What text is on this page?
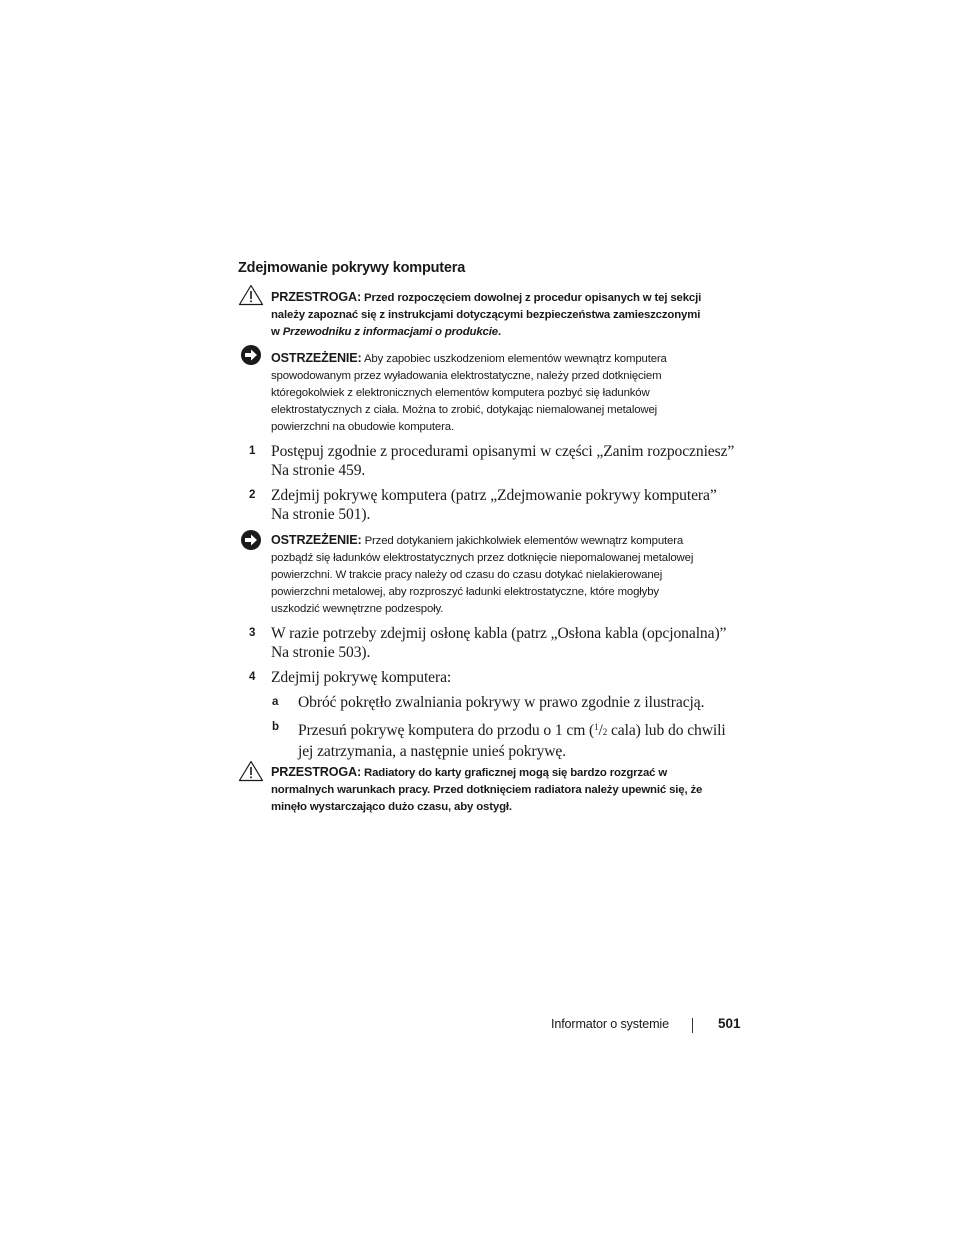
Zdejmowanie pokrywy komputera
PRZESTROGA: Przed rozpoczęciem dowolnej z procedur opisanych w tej sekcji
należy zapoznać się z instrukcjami dotyczącymi bezpieczeństwa zamieszczonymi
w Przewodniku z informacjami o produkcie.
OSTRZEŻENIE: Aby zapobiec uszkodzeniom elementów wewnątrz komputera
spowodowanym przez wyładowania elektrostatyczne, należy przed dotknięciem
któregokolwiek z elektronicznych elementów komputera pozbyć się ładunków
elektrostatycznych z ciała. Można to zrobić, dotykając niemalowanej metalowej
powierzchni na obudowie komputera.
1 Postępuj zgodnie z procedurami opisanymi w części „Zanim rozpoczniesz”
Na stronie 459.
2 Zdejmij pokrywę komputera (patrz „Zdejmowanie pokrywy komputera”
Na stronie 501).
OSTRZEŻENIE: Przed dotykaniem jakichkolwiek elementów wewnątrz komputera
pozbądź się ładunków elektrostatycznych przez dotknięcie niepomalowanej metalowej
powierzchni. W trakcie pracy należy od czasu do czasu dotykać nielakierowanej
powierzchni metalowej, aby rozproszyć ładunki elektrostatyczne, które mogłyby
uszkodzić wewnętrzne podzespoły.
3 W razie potrzeby zdejmij osłonę kabla (patrz „Osłona kabla (opcjonalna)”
Na stronie 503).
4 Zdejmij pokrywę komputera:
a Obróć pokrętło zwalniania pokrywy w prawo zgodnie z ilustracją.
b Przesuń pokrywę komputera do przodu o 1 cm ($^1$/2 cala) lub do chwili
jej zatrzymania, a następnie unieś pokrywę.
PRZESTROGA: Radiatory do karty graficznej mogą się bardzo rozgrzać w
normalnych warunkach pracy. Przed dotknięciem radiatora należy upewnić się, że
minęło wystarczająco dużo czasu, aby ostygł.
Informator o systemie	501
